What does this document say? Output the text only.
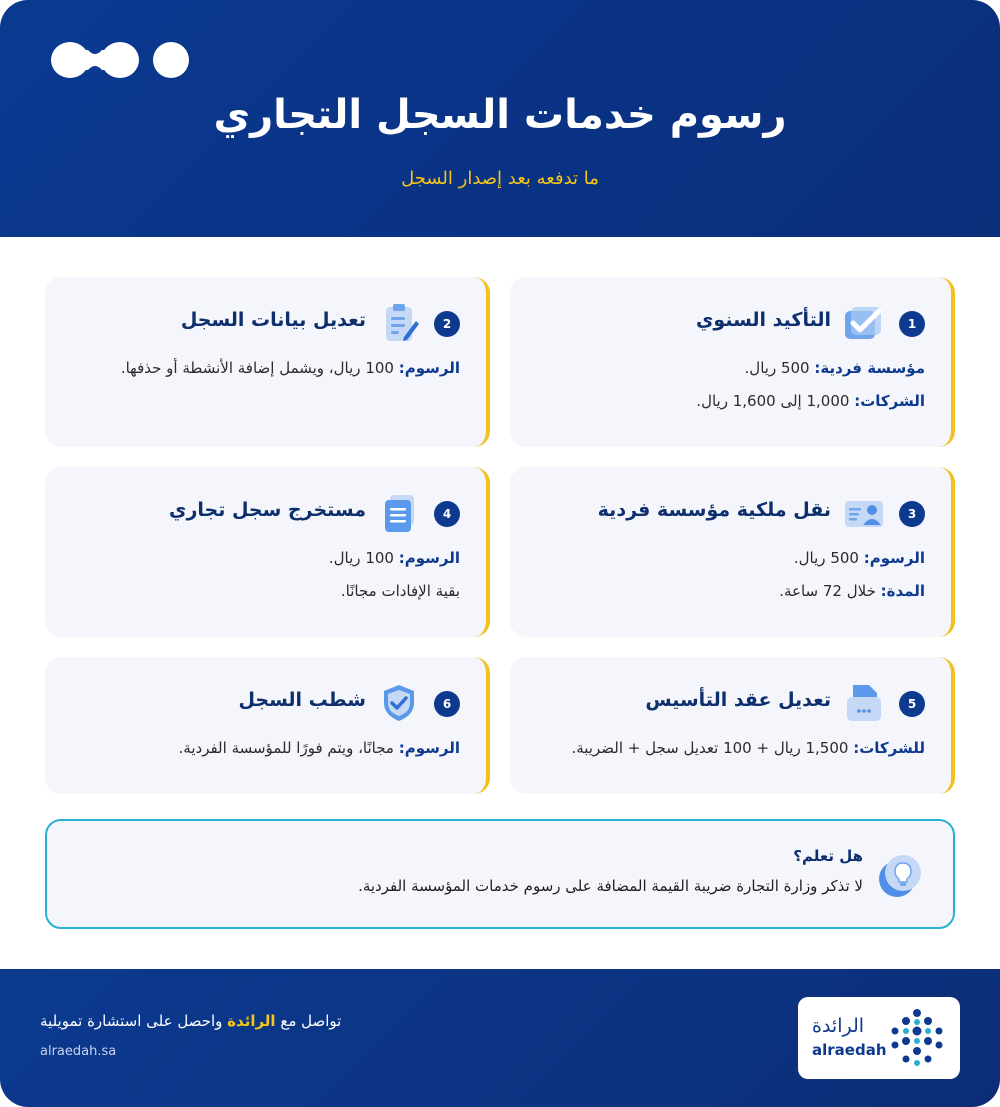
رسوم خدمات السجل التجاري
ما تدفعه بعد إصدار السجل
1
التأكيد السنوي
مؤسسة فردية: 500 ريال.
الشركات: 1,000 إلى 1,600 ريال.
2
تعديل بيانات السجل
الرسوم: 100 ريال، ويشمل إضافة الأنشطة أو حذفها.
3
نقل ملكية مؤسسة فردية
الرسوم: 500 ريال.
المدة: خلال 72 ساعة.
4
مستخرج سجل تجاري
الرسوم: 100 ريال.
بقية الإفادات مجانًا.
5
تعديل عقد التأسيس
للشركات: 1,500 ريال + 100 تعديل سجل + الضريبة.
6
شطب السجل
الرسوم: مجانًا، ويتم فورًا للمؤسسة الفردية.
هل تعلم؟
لا تذكر وزارة التجارة ضريبة القيمة المضافة على رسوم خدمات المؤسسة الفردية.
تواصل مع الرائدة واحصل على استشارة تمويلية
alraedah.sa
الرائدة
alraedah
